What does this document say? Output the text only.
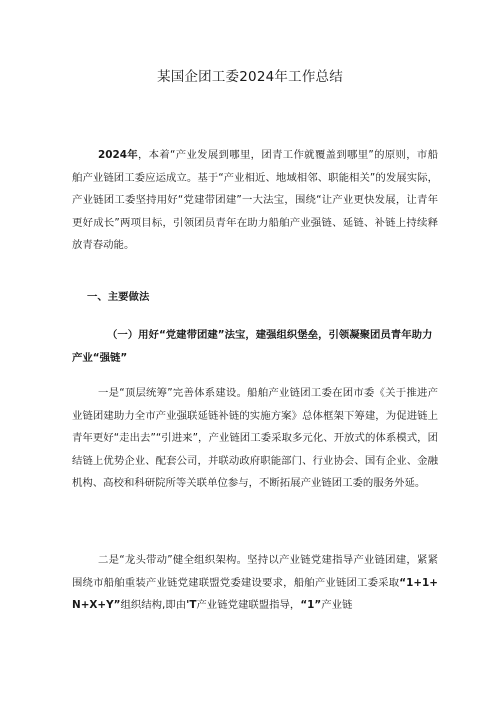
某国企团工委2024年工作总结

2024年，本着“产业发展到哪里，团青工作就覆盖到哪里”的原则，市船舶产业链团工委应运成立。基于“产业相近、地域相邻、职能相关”的发展实际，产业链团工委坚持用好“党建带团建”一大法宝，围绕“让产业更快发展，让青年更好成长”两项目标，引领团员青年在助力船舶产业强链、延链、补链上持续释放青春动能。

一、主要做法

（一）用好“党建带团建”法宝，建强组织堡垒，引领凝聚团员青年助力产业“强链”

一是“顶层统筹”完善体系建设。船舶产业链团工委在团市委《关于推进产业链团建助力全市产业强联延链补链的实施方案》总体框架下筹建，为促进链上青年更好“走出去”“引进来”，产业链团工委采取多元化、开放式的体系模式，团结链上优势企业、配套公司，并联动政府职能部门、行业协会、国有企业、金融机构、高校和科研院所等关联单位参与，不断拓展产业链团工委的服务外延。

二是“龙头带动”健全组织架构。坚持以产业链党建指导产业链团建，紧紧围绕市船舶重装产业链党建联盟党委建设要求，船舶产业链团工委采取“1+1+N+X+Y”组织结构,即由'T产业链党建联盟指导，“1”产业链
